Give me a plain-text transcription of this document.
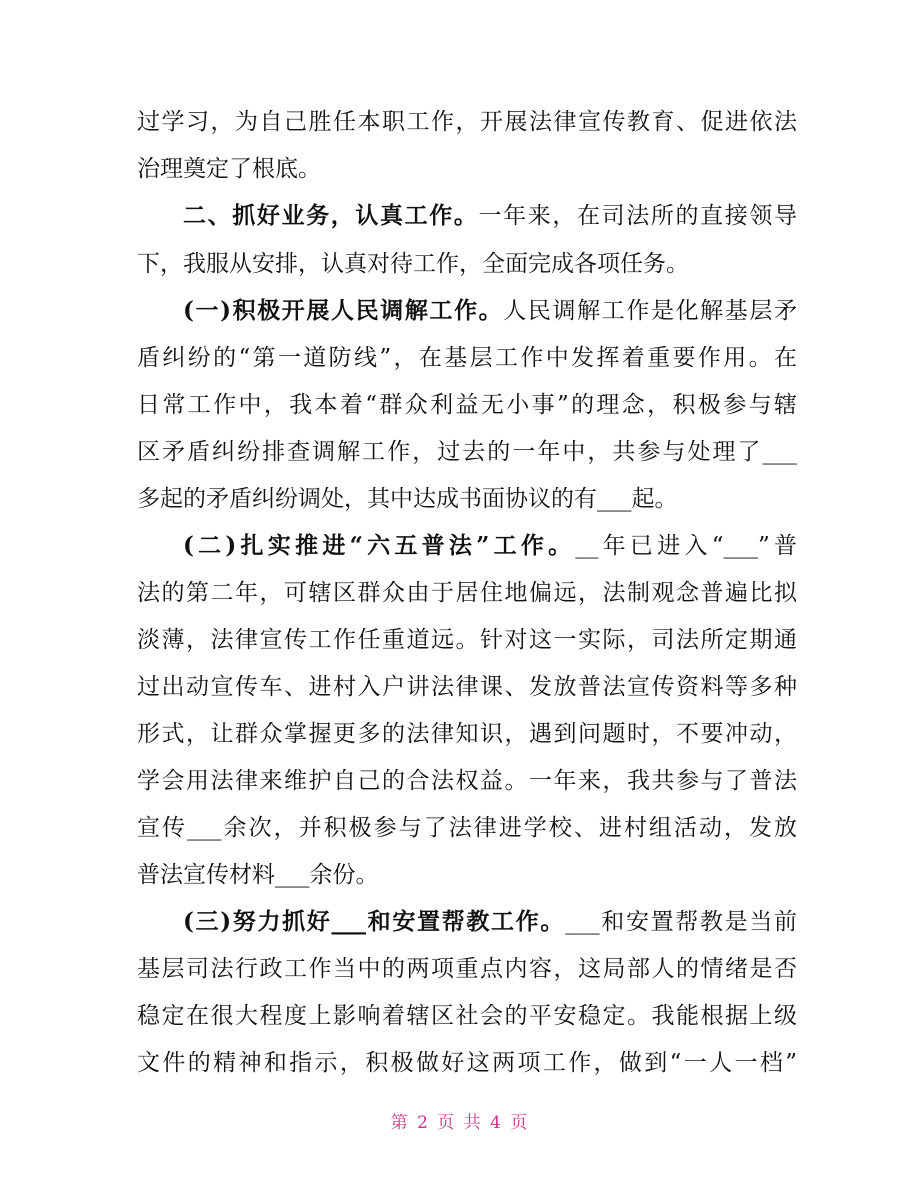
过学习，为自己胜任本职工作，开展法律宣传教育、促进依法
治理奠定了根底。
二、抓好业务，认真工作。一年来，在司法所的直接领导
下，我服从安排，认真对待工作，全面完成各项任务。
(一)积极开展人民调解工作。人民调解工作是化解基层矛
盾纠纷的“第一道防线”，在基层工作中发挥着重要作用。在
日常工作中，我本着“群众利益无小事”的理念，积极参与辖
区矛盾纠纷排查调解工作，过去的一年中，共参与处理了___
多起的矛盾纠纷调处，其中达成书面协议的有___起。
(二)扎实推进“六五普法”工作。__年已进入“___”普
法的第二年，可辖区群众由于居住地偏远，法制观念普遍比拟
淡薄，法律宣传工作任重道远。针对这一实际，司法所定期通
过出动宣传车、进村入户讲法律课、发放普法宣传资料等多种
形式，让群众掌握更多的法律知识，遇到问题时，不要冲动，
学会用法律来维护自己的合法权益。一年来，我共参与了普法
宣传___余次，并积极参与了法律进学校、进村组活动，发放
普法宣传材料___余份。
(三)努力抓好___和安置帮教工作。___和安置帮教是当前
基层司法行政工作当中的两项重点内容，这局部人的情绪是否
稳定在很大程度上影响着辖区社会的平安稳定。我能根据上级
文件的精神和指示，积极做好这两项工作，做到“一人一档”
第 2 页 共 4 页
